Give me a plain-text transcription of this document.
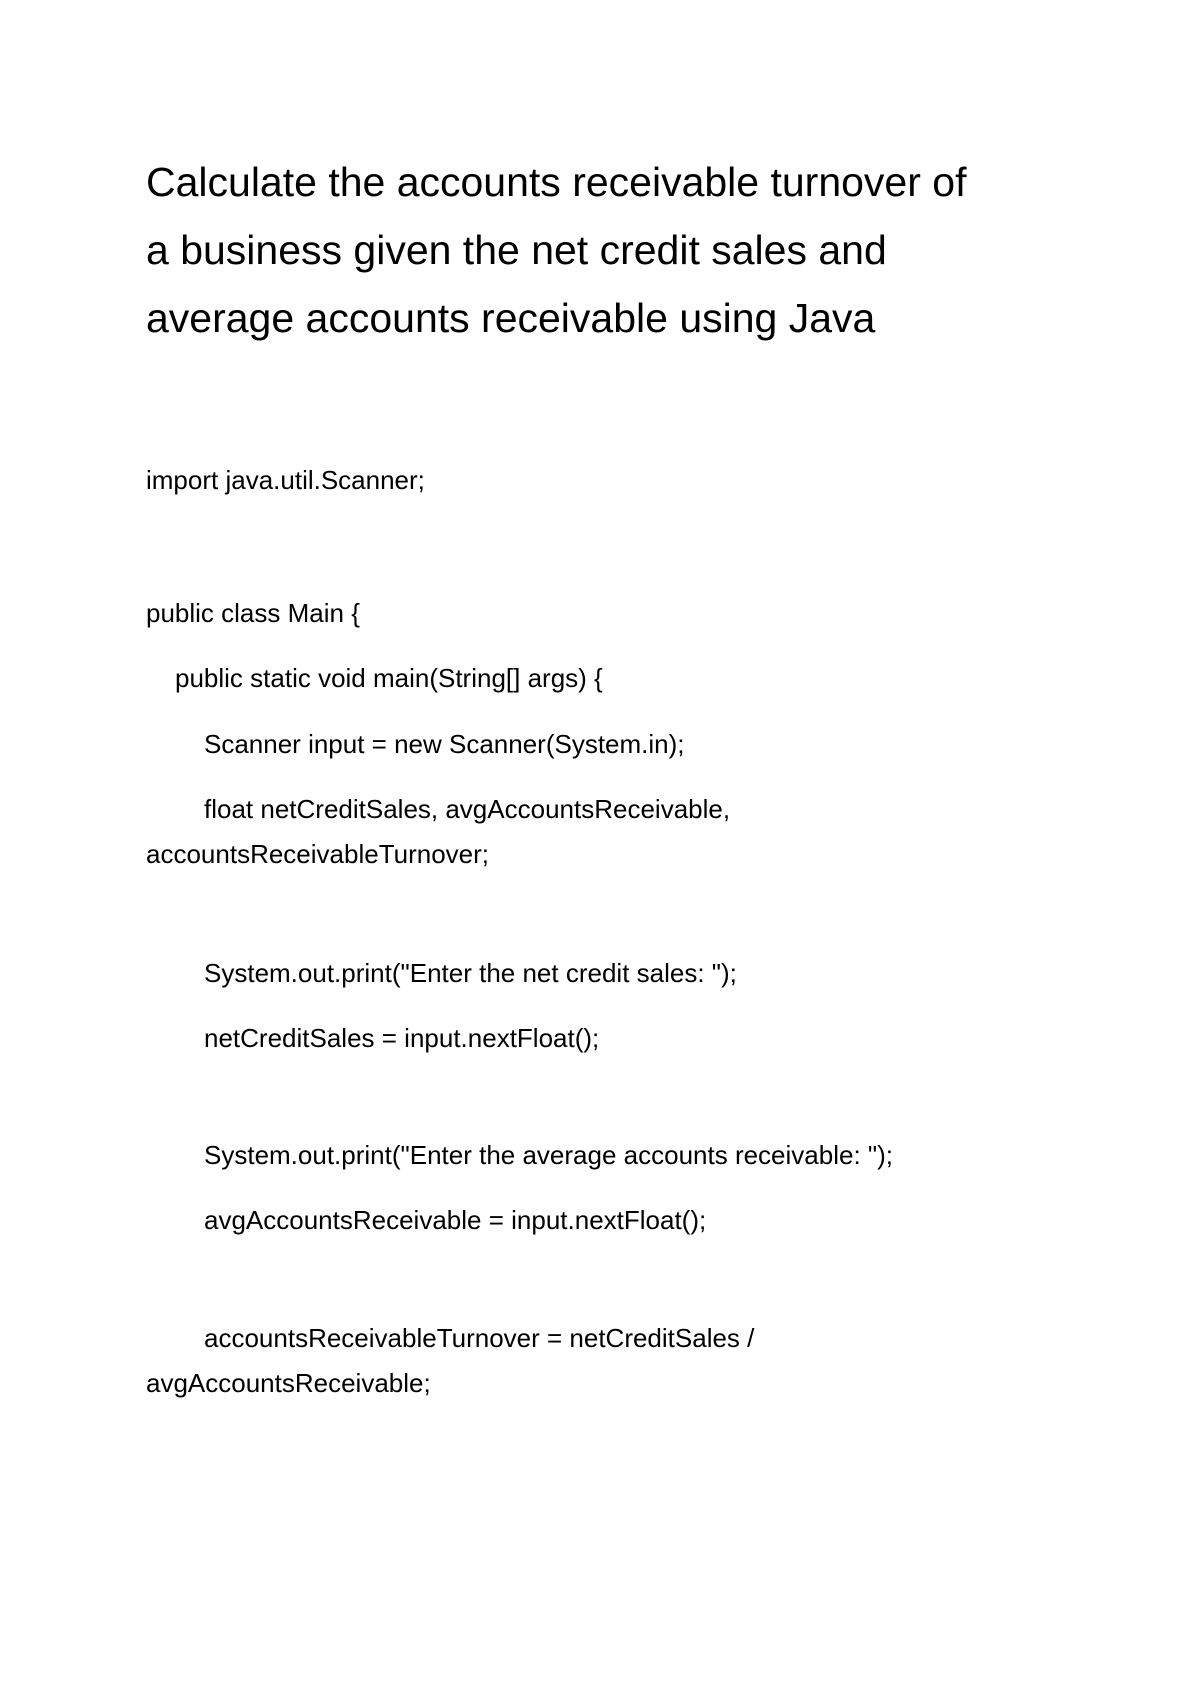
Calculate the accounts receivable turnover of
a business given the net credit sales and
average accounts receivable using Java

import java.util.Scanner;

public class Main {

public static void main(String[] args) {

Scanner input = new Scanner(System.in);

float netCreditSales, avgAccountsReceivable,

accountsReceivableTurnover;

System.out.print("Enter the net credit sales: ");

netCreditSales = input.nextFloat();

System.out.print("Enter the average accounts receivable: ");

avgAccountsReceivable = input.nextFloat();

accountsReceivableTurnover = netCreditSales /

avgAccountsReceivable;
